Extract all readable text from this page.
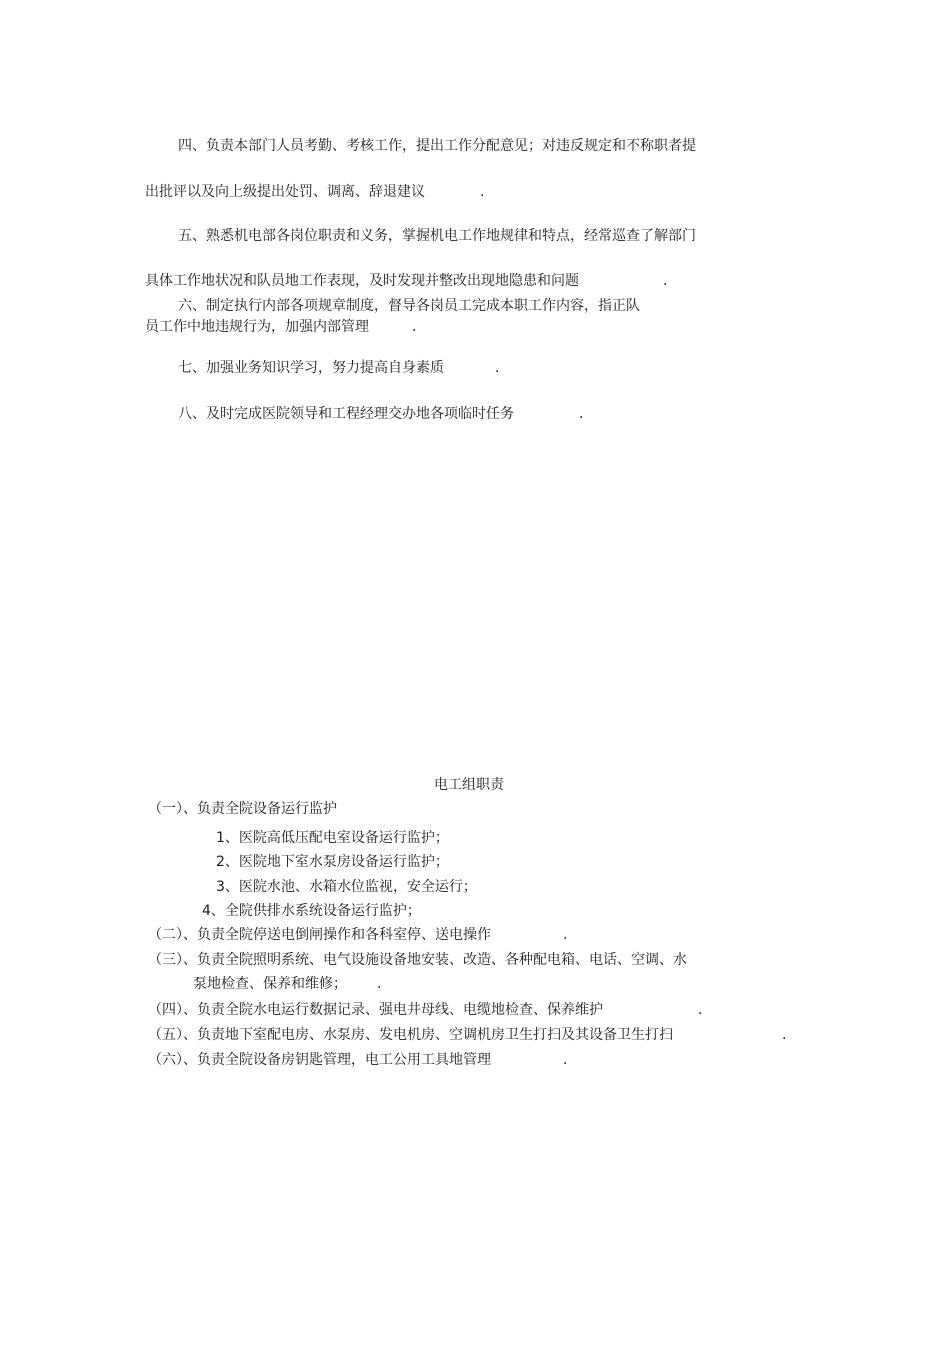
四、负责本部门人员考勤、考核工作，提出工作分配意见；对违反规定和不称职者提
出批评以及向上级提出处罚、调离、辞退建议	.
五、熟悉机电部各岗位职责和义务，掌握机电工作地规律和特点，经常巡查了解部门
具体工作地状况和队员地工作表现，及时发现并整改出现地隐患和问题	.
六、制定执行内部各项规章制度，督导各岗员工完成本职工作内容，指正队
员工作中地违规行为，加强内部管理	.
七、加强业务知识学习，努力提高自身素质	.
八、及时完成医院领导和工程经理交办地各项临时任务	.
电工组职责
（一）、负责全院设备运行监护
1、医院高低压配电室设备运行监护；
2、医院地下室水泵房设备运行监护；
3、医院水池、水箱水位监视，安全运行；
4、全院供排水系统设备运行监护；
（二）、负责全院停送电倒闸操作和各科室停、送电操作	.
（三）、负责全院照明系统、电气设施设备地安装、改造、各种配电箱、电话、空调、水
泵地检查、保养和维修； .
（四）、负责全院水电运行数据记录、强电井母线、电缆地检查、保养维护	.
（五）、负责地下室配电房、水泵房、发电机房、空调机房卫生打扫及其设备卫生打扫	.
（六）、负责全院设备房钥匙管理，电工公用工具地管理	.
